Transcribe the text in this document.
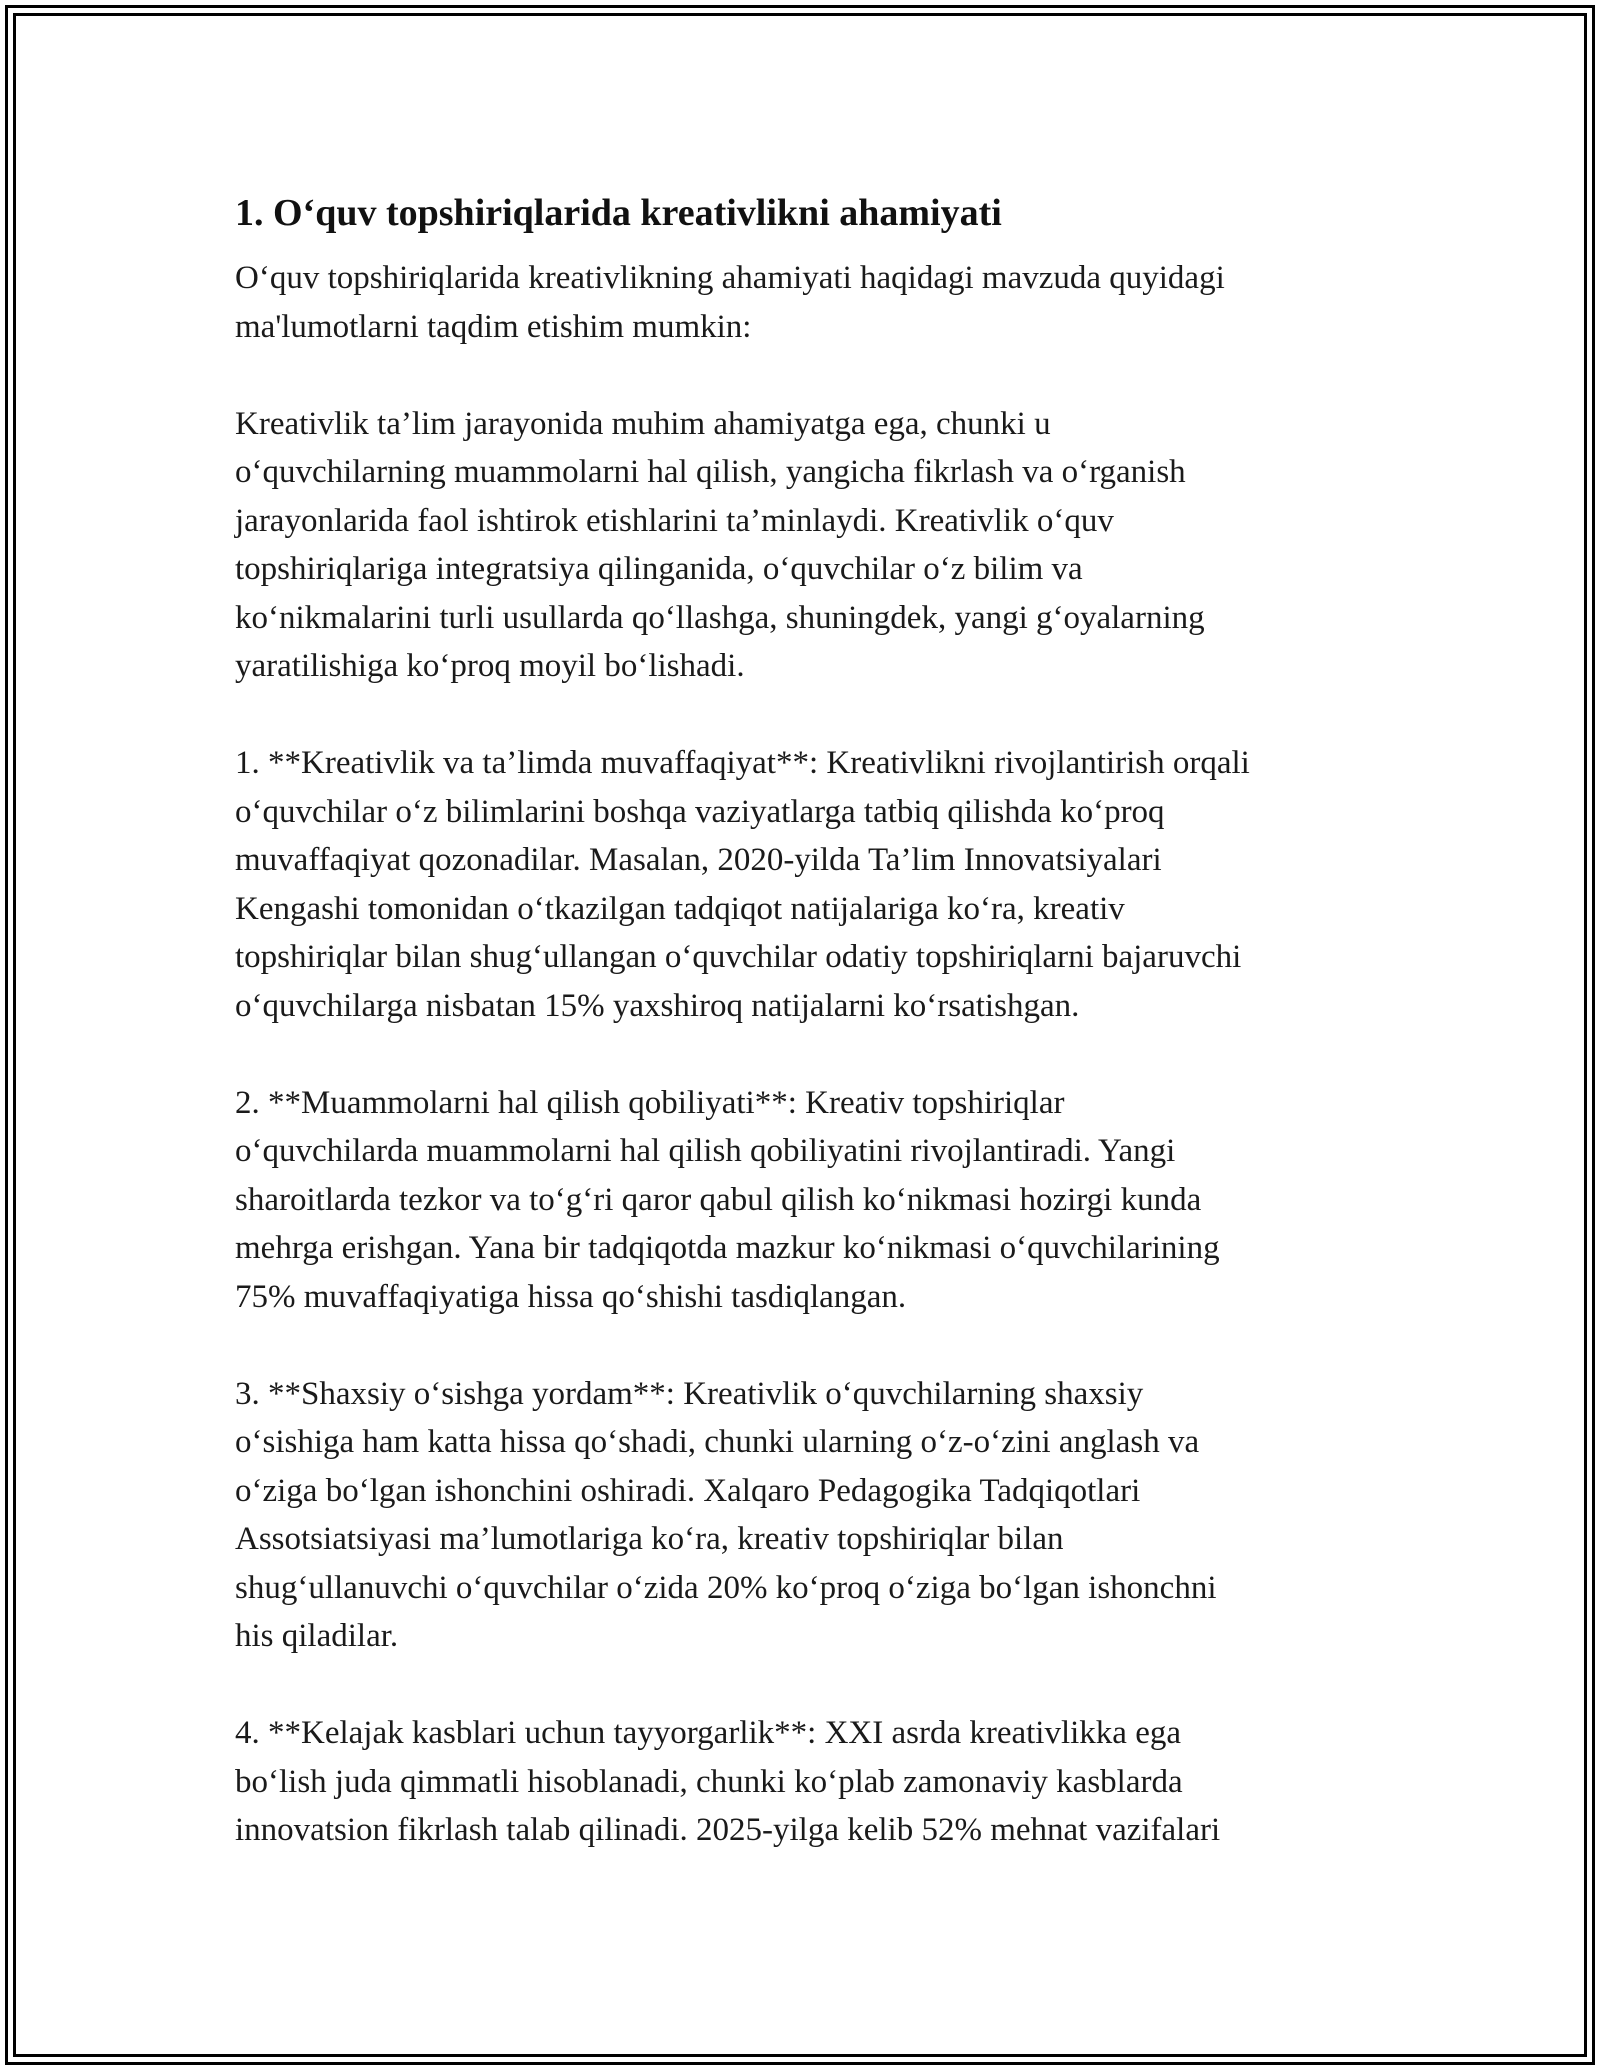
1. O‘quv topshiriqlarida kreativlikni ahamiyati

O‘quv topshiriqlarida kreativlikning ahamiyati haqidagi mavzuda quyidagi
ma'lumotlarni taqdim etishim mumkin:

Kreativlik ta’lim jarayonida muhim ahamiyatga ega, chunki u
o‘quvchilarning muammolarni hal qilish, yangicha fikrlash va o‘rganish
jarayonlarida faol ishtirok etishlarini ta’minlaydi. Kreativlik o‘quv
topshiriqlariga integratsiya qilinganida, o‘quvchilar o‘z bilim va
ko‘nikmalarini turli usullarda qo‘llashga, shuningdek, yangi g‘oyalarning
yaratilishiga ko‘proq moyil bo‘lishadi.

1. **Kreativlik va ta’limda muvaffaqiyat**: Kreativlikni rivojlantirish orqali
o‘quvchilar o‘z bilimlarini boshqa vaziyatlarga tatbiq qilishda ko‘proq
muvaffaqiyat qozonadilar. Masalan, 2020-yilda Ta’lim Innovatsiyalari
Kengashi tomonidan o‘tkazilgan tadqiqot natijalariga ko‘ra, kreativ
topshiriqlar bilan shug‘ullangan o‘quvchilar odatiy topshiriqlarni bajaruvchi
o‘quvchilarga nisbatan 15% yaxshiroq natijalarni ko‘rsatishgan.

2. **Muammolarni hal qilish qobiliyati**: Kreativ topshiriqlar
o‘quvchilarda muammolarni hal qilish qobiliyatini rivojlantiradi. Yangi
sharoitlarda tezkor va to‘g‘ri qaror qabul qilish ko‘nikmasi hozirgi kunda
mehrga erishgan. Yana bir tadqiqotda mazkur ko‘nikmasi o‘quvchilarining
75% muvaffaqiyatiga hissa qo‘shishi tasdiqlangan.

3. **Shaxsiy o‘sishga yordam**: Kreativlik o‘quvchilarning shaxsiy
o‘sishiga ham katta hissa qo‘shadi, chunki ularning o‘z-o‘zini anglash va
o‘ziga bo‘lgan ishonchini oshiradi. Xalqaro Pedagogika Tadqiqotlari
Assotsiatsiyasi ma’lumotlariga ko‘ra, kreativ topshiriqlar bilan
shug‘ullanuvchi o‘quvchilar o‘zida 20% ko‘proq o‘ziga bo‘lgan ishonchni
his qiladilar.

4. **Kelajak kasblari uchun tayyorgarlik**: XXI asrda kreativlikka ega
bo‘lish juda qimmatli hisoblanadi, chunki ko‘plab zamonaviy kasblarda
innovatsion fikrlash talab qilinadi. 2025-yilga kelib 52% mehnat vazifalari
